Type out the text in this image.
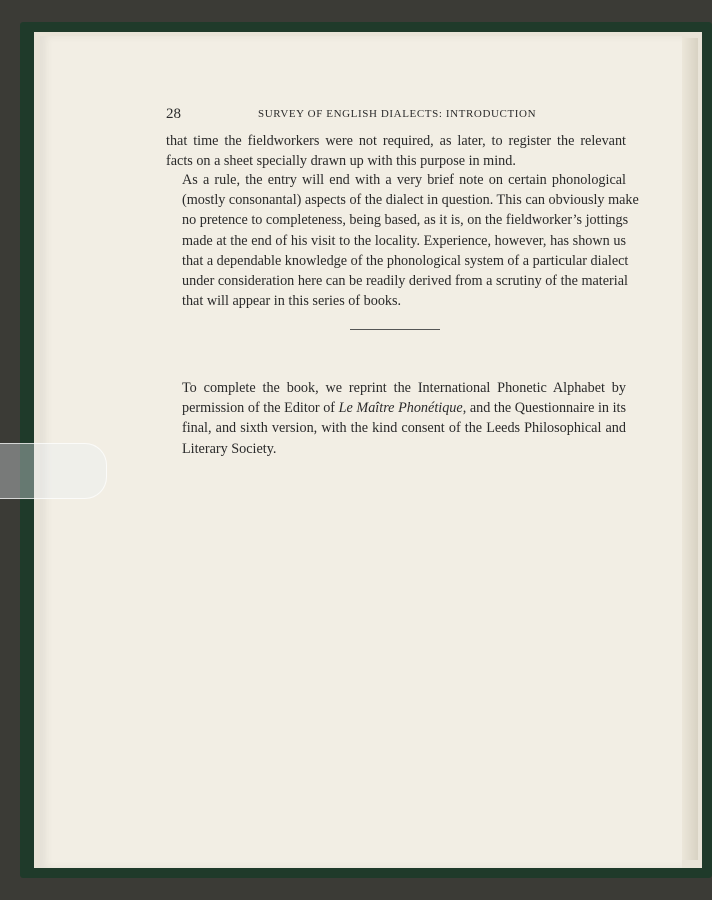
28	SURVEY OF ENGLISH DIALECTS: INTRODUCTION

that time the fieldworkers were not required, as later, to register the relevant
facts on a sheet specially drawn up with this purpose in mind.

As a rule, the entry will end with a very brief note on certain phonological
(mostly consonantal) aspects of the dialect in question. This can obviously make
no pretence to completeness, being based, as it is, on the fieldworker’s jottings
made at the end of his visit to the locality. Experience, however, has shown us
that a dependable knowledge of the phonological system of a particular dialect
under consideration here can be readily derived from a scrutiny of the material
that will appear in this series of books.

To complete the book, we reprint the International Phonetic Alphabet by
permission of the Editor of Le Maître Phonétique, and the Questionnaire in its
final, and sixth version, with the kind consent of the Leeds Philosophical and
Literary Society.
